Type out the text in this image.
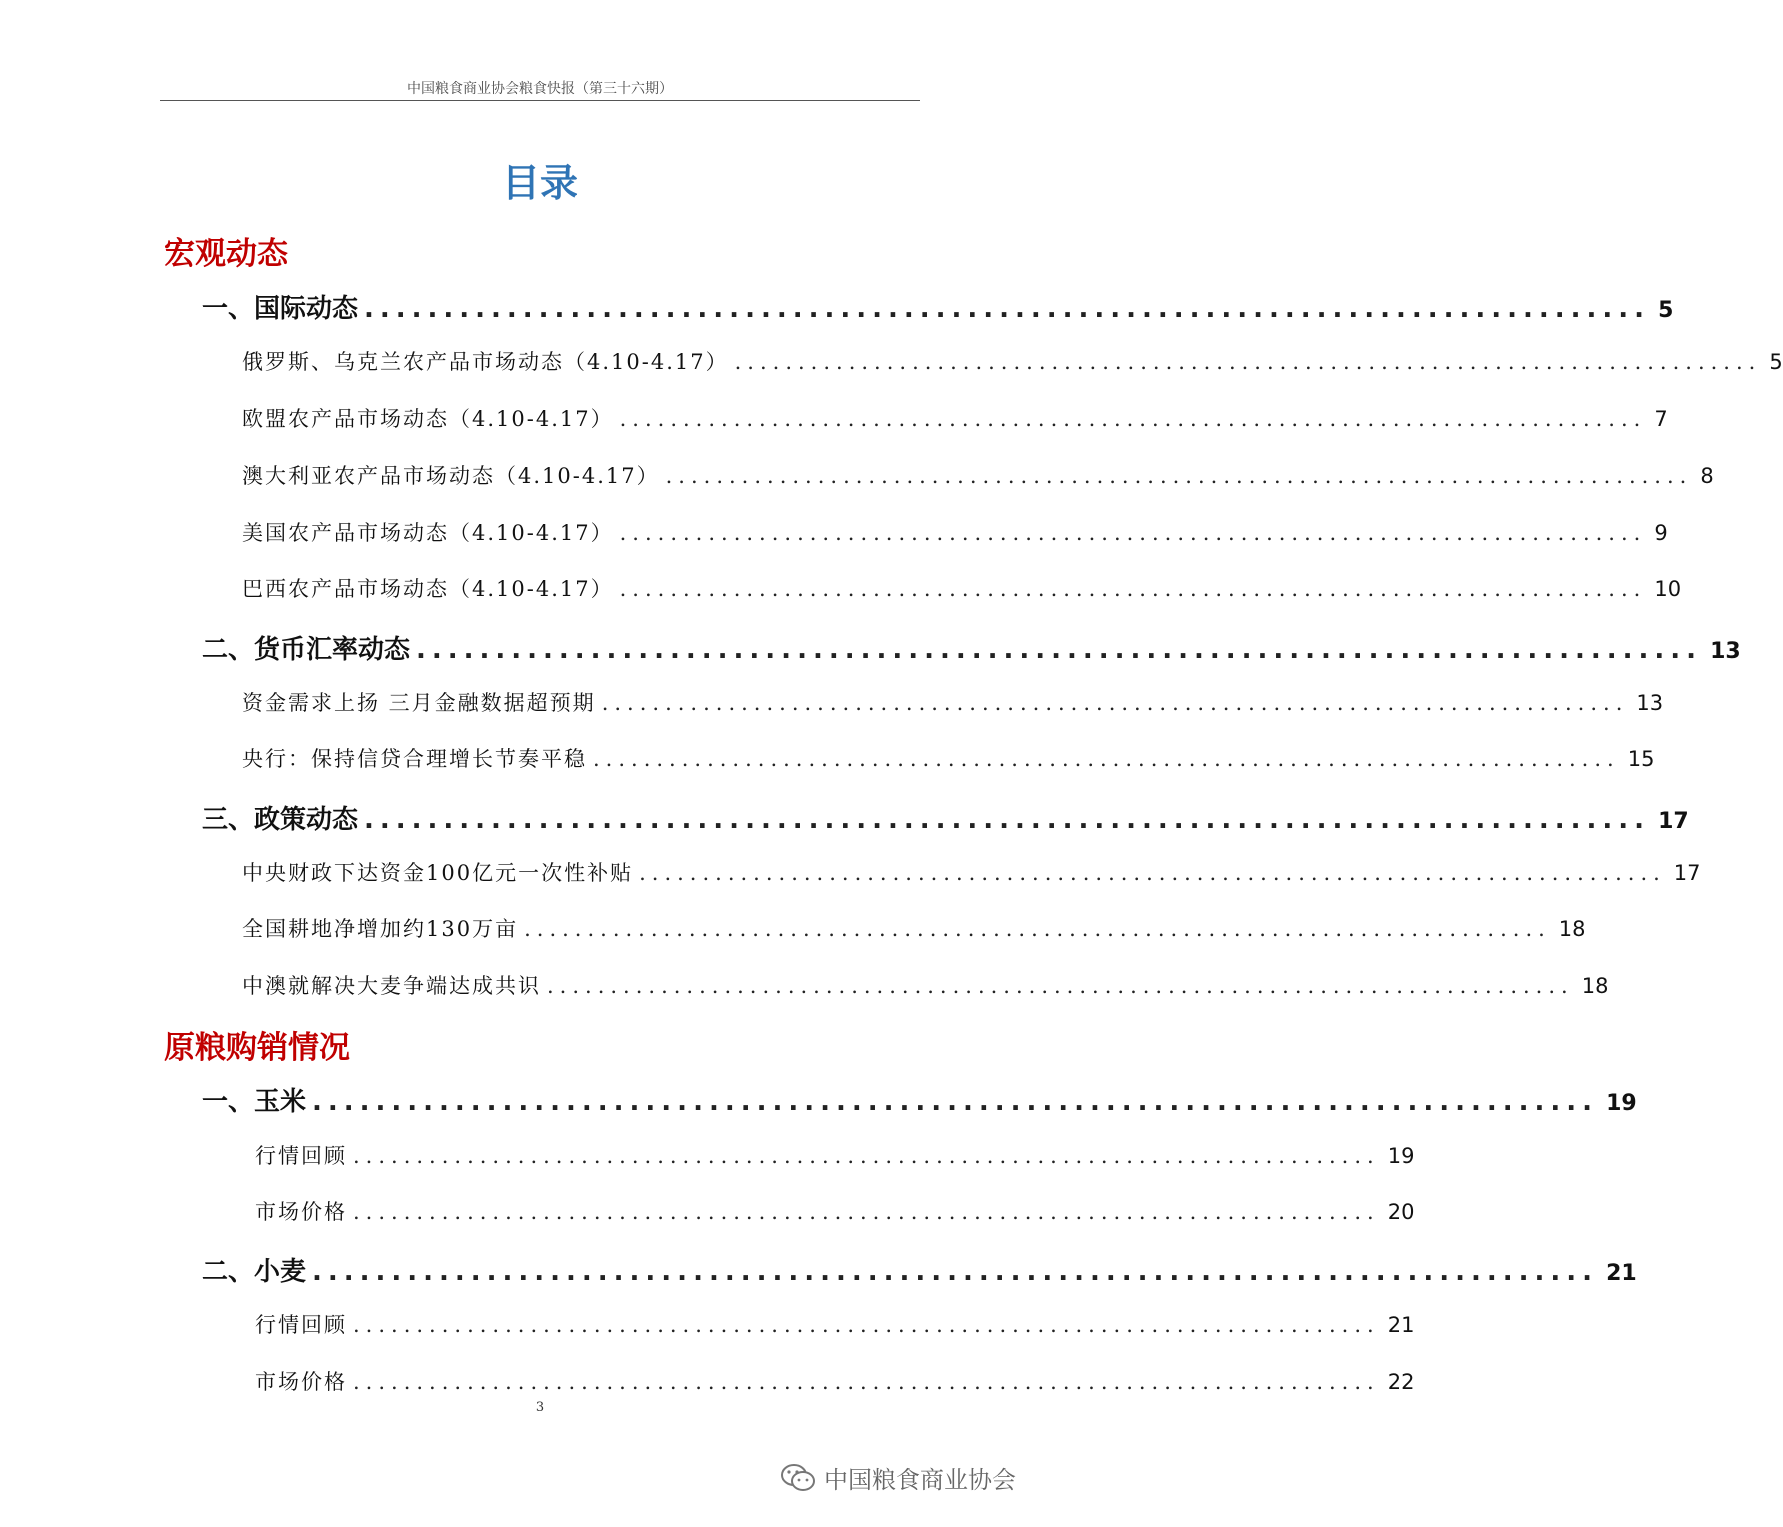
中国粮食商业协会粮食快报（第三十六期）
目录
宏观动态
一、国际动态 ................................................................................. 5
俄罗斯、乌克兰农产品市场动态（4.10-4.17） ................................................................................. 5
欧盟农产品市场动态（4.10-4.17） ................................................................................. 7
澳大利亚农产品市场动态（4.10-4.17） ................................................................................. 8
美国农产品市场动态（4.10-4.17） ................................................................................. 9
巴西农产品市场动态（4.10-4.17） ................................................................................. 10
二、货币汇率动态 ................................................................................. 13
资金需求上扬 三月金融数据超预期 ................................................................................. 13
央行：保持信贷合理增长节奏平稳 ................................................................................. 15
三、政策动态 ................................................................................. 17
中央财政下达资金100亿元一次性补贴 ................................................................................. 17
全国耕地净增加约130万亩 ................................................................................. 18
中澳就解决大麦争端达成共识 ................................................................................. 18
原粮购销情况
一、玉米 ................................................................................. 19
行情回顾 ................................................................................. 19
市场价格 ................................................................................. 20
二、小麦 ................................................................................. 21
行情回顾 ................................................................................. 21
市场价格 ................................................................................. 22
3
中国粮食商业协会
